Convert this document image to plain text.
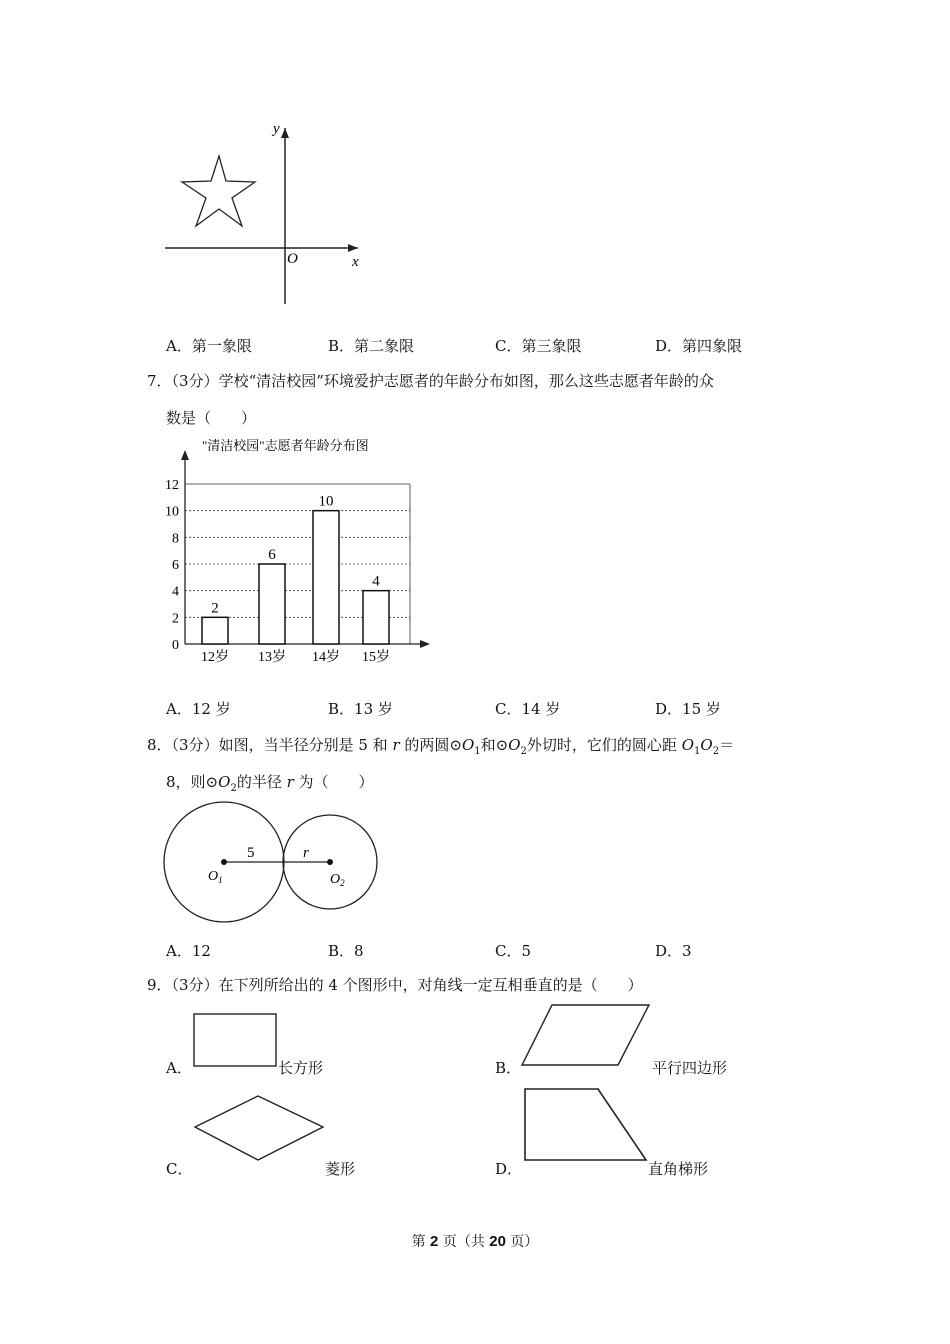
y
x
O
A．第一象限	B．第二象限	C．第三象限	D．第四象限
7．（3分）学校“清洁校园”环境爱护志愿者的年龄分布如图，那么这些志愿者年龄的众
数是（　　）
"清洁校园"志愿者年龄分布图
0
2
4
6
8
10
12
2
6
10
4
12岁 13岁 14岁 15岁
A．12 岁	B．13 岁	C．14 岁	D．15 岁
8．（3分）如图，当半径分别是 5 和 r 的两圆$⊙O_1$和$⊙O_2$外切时，它们的圆心距 $O_1O_2=$
8，则$⊙O_2$的半径 r 为（　　）
5	r
$O_1$	$O_2$
A．12	B．8	C．5	D．3
9．（3分）在下列所给出的 4 个图形中，对角线一定互相垂直的是（　　）
A．	长方形	B．	平行四边形
C．	菱形	D．	直角梯形
第 2 页（共 20 页）
